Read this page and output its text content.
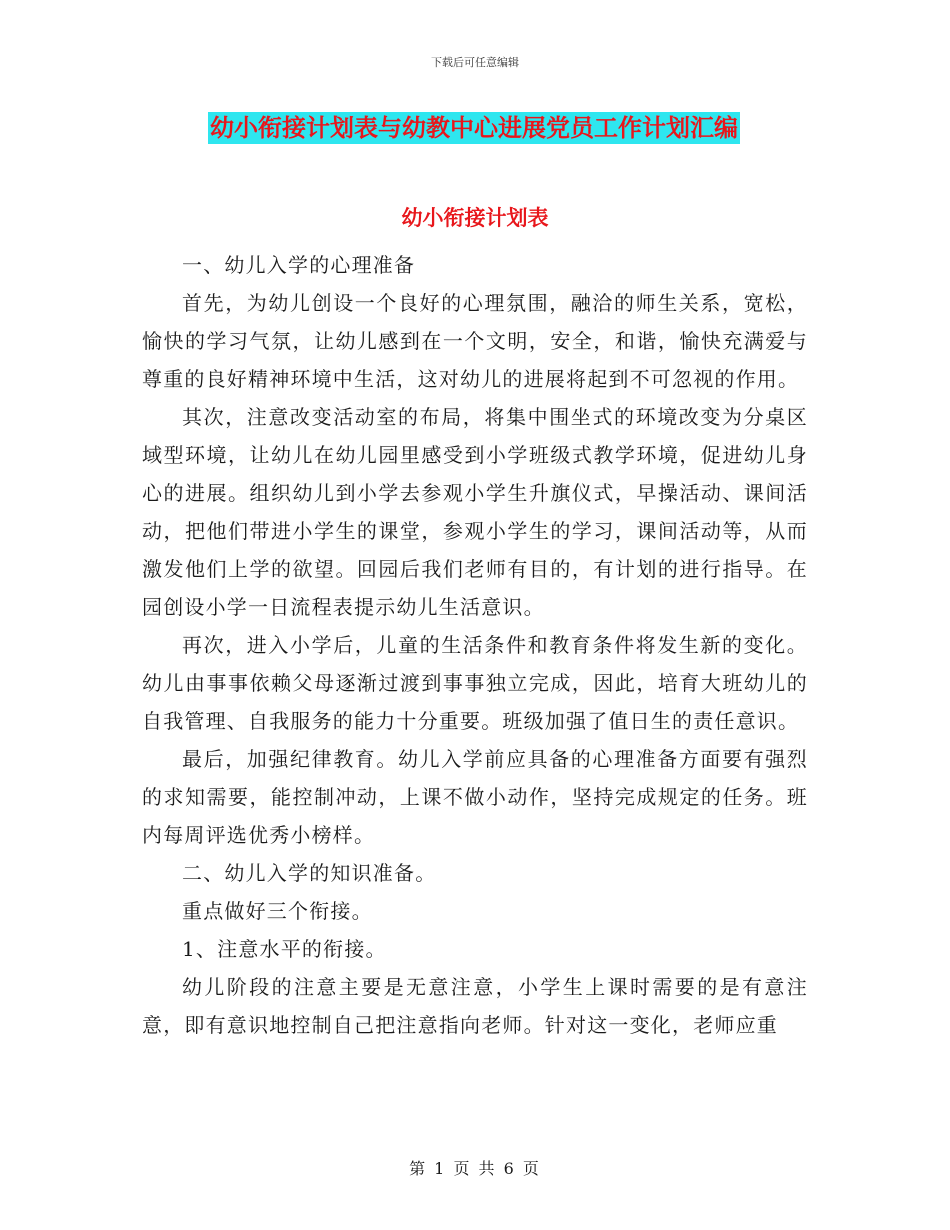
下载后可任意编辑
幼小衔接计划表与幼教中心进展党员工作计划汇编
幼小衔接计划表

一、幼儿入学的心理准备

首先，为幼儿创设一个良好的心理氛围，融洽的师生关系，宽松，愉快的学习气氛，让幼儿感到在一个文明，安全，和谐，愉快充满爱与尊重的良好精神环境中生活，这对幼儿的进展将起到不可忽视的作用。

其次，注意改变活动室的布局，将集中围坐式的环境改变为分桌区域型环境，让幼儿在幼儿园里感受到小学班级式教学环境，促进幼儿身心的进展。组织幼儿到小学去参观小学生升旗仪式，早操活动、课间活动，把他们带进小学生的课堂，参观小学生的学习，课间活动等，从而激发他们上学的欲望。回园后我们老师有目的，有计划的进行指导。在园创设小学一日流程表提示幼儿生活意识。

再次，进入小学后，儿童的生活条件和教育条件将发生新的变化。幼儿由事事依赖父母逐渐过渡到事事独立完成，因此，培育大班幼儿的自我管理、自我服务的能力十分重要。班级加强了值日生的责任意识。

最后，加强纪律教育。幼儿入学前应具备的心理准备方面要有强烈的求知需要，能控制冲动，上课不做小动作，坚持完成规定的任务。班内每周评选优秀小榜样。

二、幼儿入学的知识准备。

重点做好三个衔接。

1、注意水平的衔接。

幼儿阶段的注意主要是无意注意，小学生上课时需要的是有意注意，即有意识地控制自己把注意指向老师。针对这一变化，老师应重

第 1 页 共 6 页
